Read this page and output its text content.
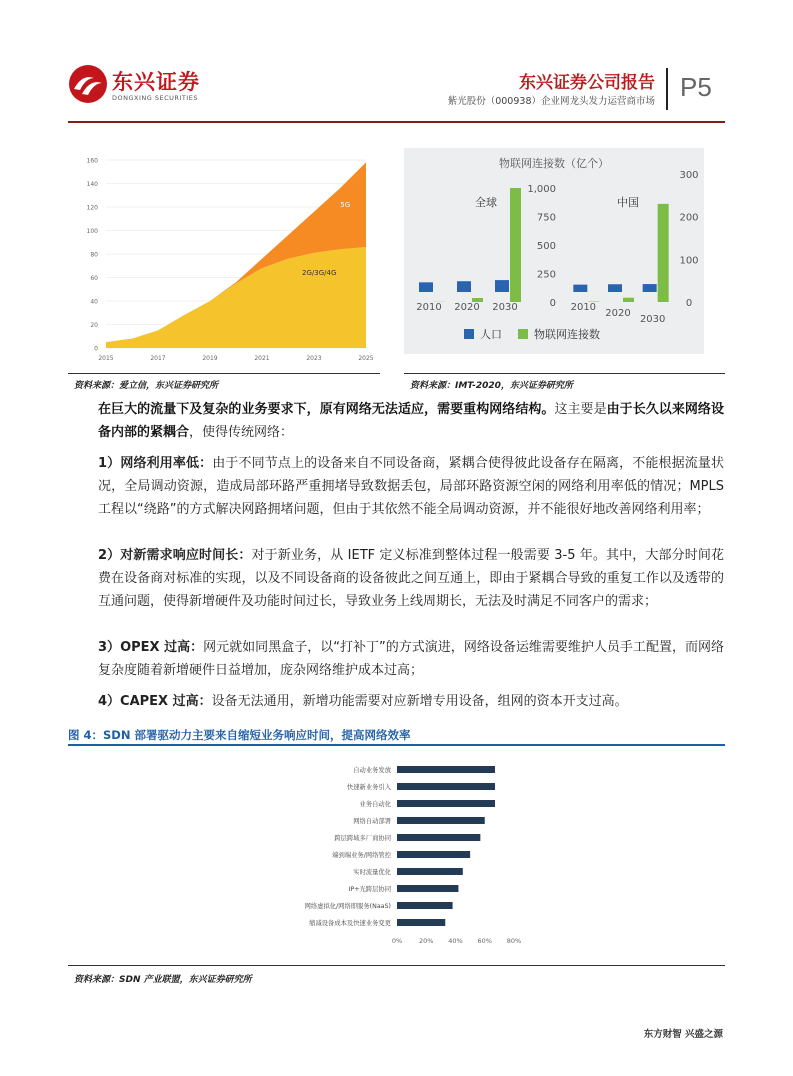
东兴证券
DONGXING SECURITIES
东兴证券公司报告
紫光股份（000938）企业网龙头发力运营商市场 P5
0
20
40
60
80
100
120
140
160
2015	2017	2019	2021	2023	2025
2G/3G/4G
5G
物联网连接数（亿个）
0
250
500
750
1,000
全球
2010 2020 2030	0
100
200
300
中国
2010
2020
2030
人口	物联网连接数
资料来源：爱立信，东兴证券研究所	资料来源：IMT-2020，东兴证券研究所
在巨大的流量下及复杂的业务要求下，原有网络无法适应，需要重构网络结构。这主要是由于长久以来网络设备内部的紧耦合，使得传统网络：
1）网络利用率低：由于不同节点上的设备来自不同设备商，紧耦合使得彼此设备存在隔离，不能根据流量状况，全局调动资源，造成局部环路严重拥堵导致数据丢包，局部环路资源空闲的网络利用率低的情况；MPLS 工程以“绕路”的方式解决网路拥堵问题，但由于其依然不能全局调动资源，并不能很好地改善网络利用率；
2）对新需求响应时间长：对于新业务，从 IETF 定义标准到整体过程一般需要 3-5 年。其中，大部分时间花费在设备商对标准的实现，以及不同设备商的设备彼此之间互通上，即由于紧耦合导致的重复工作以及透带的互通问题，使得新增硬件及功能时间过长，导致业务上线周期长，无法及时满足不同客户的需求；
3）OPEX 过高：网元就如同黑盒子，以“打补丁”的方式演进，网络设备运维需要维护人员手工配置，而网络复杂度随着新增硬件日益增加，庞杂网络维护成本过高；
4）CAPEX 过高：设备无法通用，新增功能需要对应新增专用设备，组网的资本开支过高。
图 4：SDN 部署驱动力主要来自缩短业务响应时间，提高网络效率
0%	20% 40% 60% 80%
自动业务发放
快速新业务引入
业务自动化
网络自动部署
跨层跨域多厂商协同
端到端业务/网络管控
实时流量优化
IP+光跨层协同
网络虚拟化/网络即服务(NaaS)
缩减设备成本及快速业务变更
资料来源：SDN 产业联盟，东兴证券研究所
东方财智 兴盛之源
